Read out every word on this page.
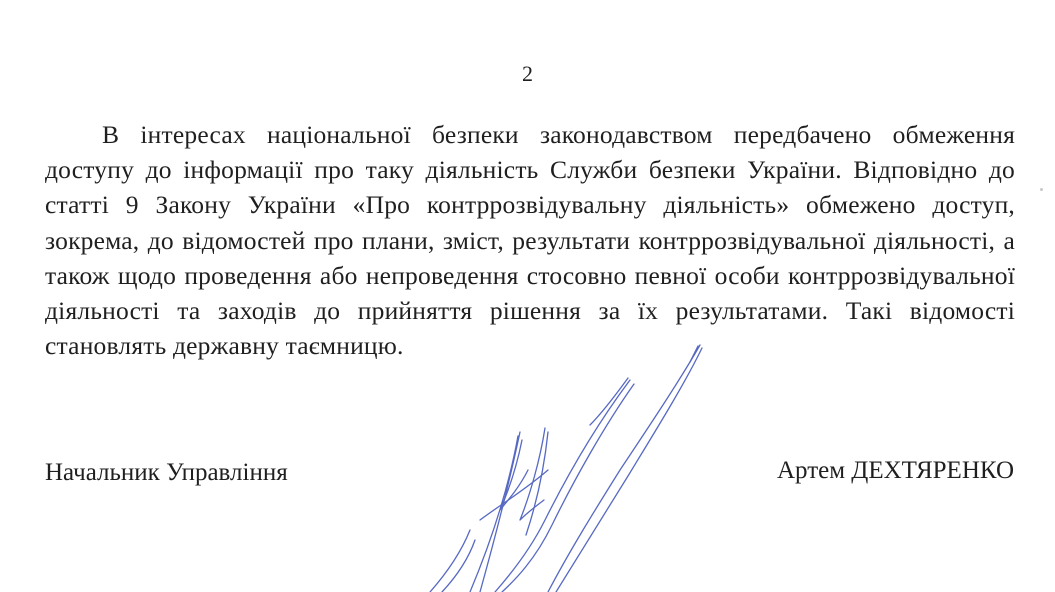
2

В інтересах національної безпеки законодавством передбачено обмеження доступу до інформації про таку діяльність Служби безпеки України. Відповідно до статті 9 Закону України «Про контррозвідувальну діяльність» обмежено доступ, зокрема, до відомостей про плани, зміст, результати контррозвідувальної діяльності, а також щодо проведення або непроведення стосовно певної особи контррозвідувальної діяльності та заходів до прийняття рішення за їх результатами. Такі відомості становлять державну таємницю.

Начальник Управління	Артем ДЕХТЯРЕНКО
